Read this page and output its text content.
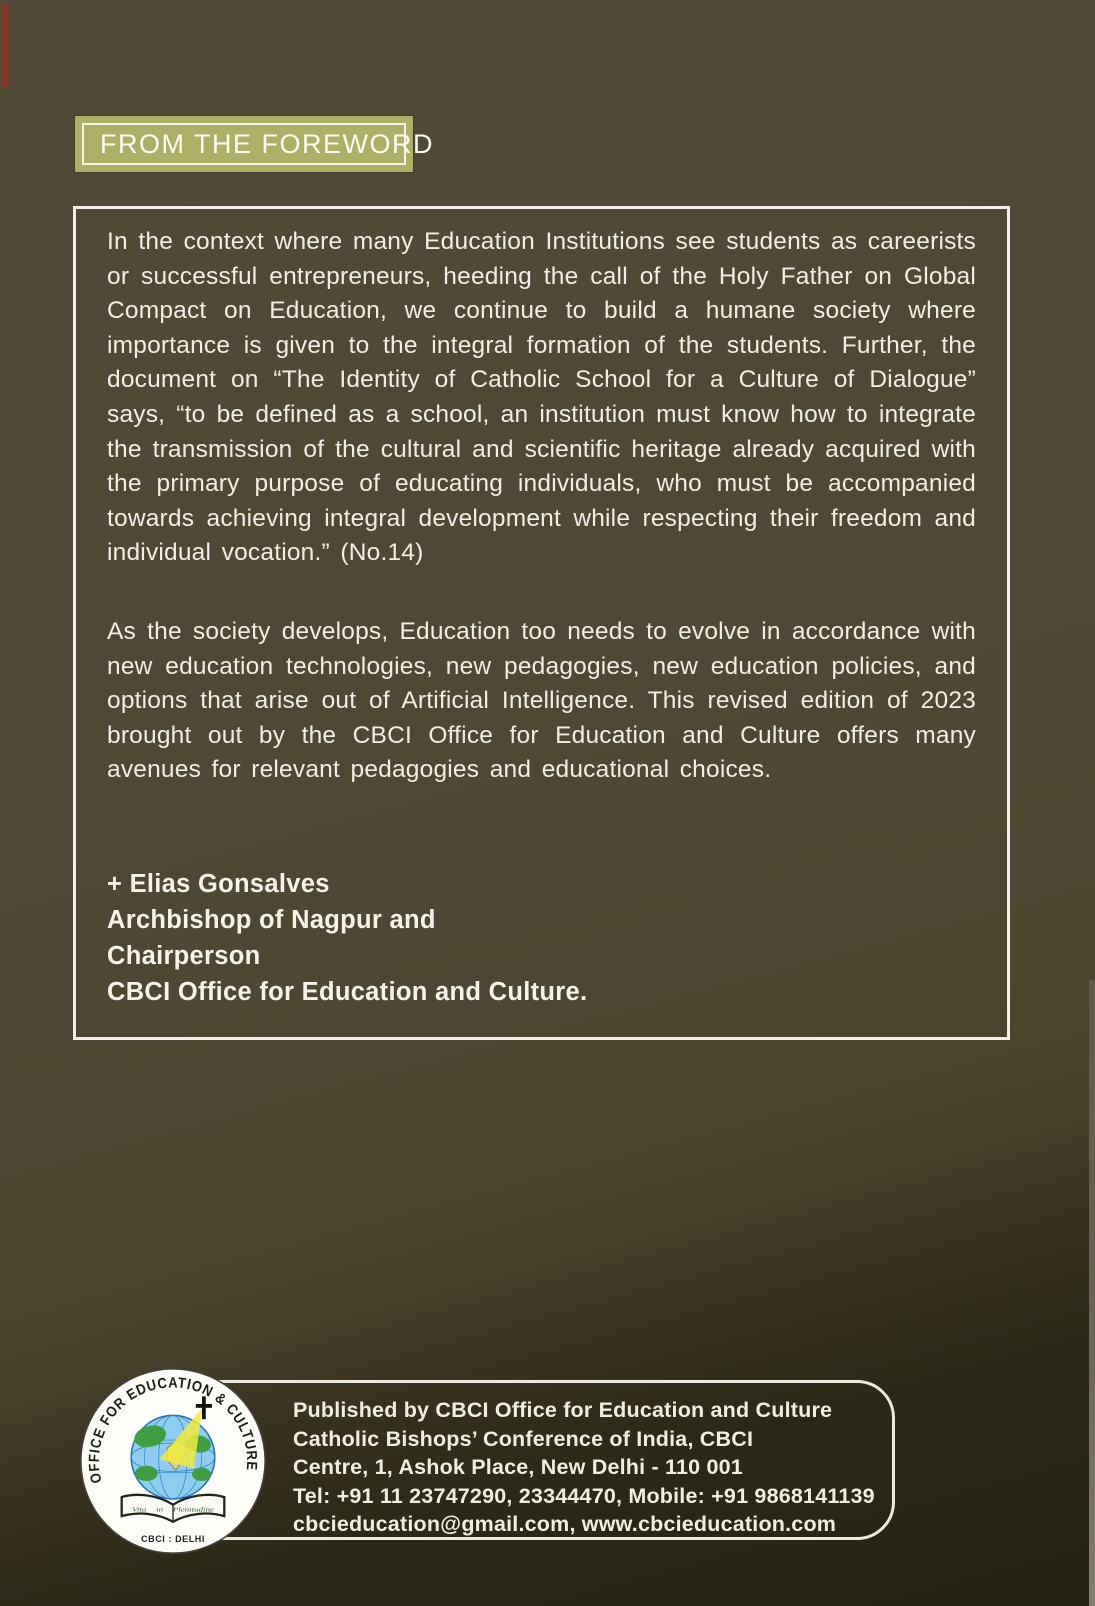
FROM THE FOREWORD

In the context where many Education Institutions see students as careerists or successful entrepreneurs, heeding the call of the Holy Father on Global Compact on Education, we continue to build a humane society where importance is given to the integral formation of the students. Further, the document on “The Identity of Catholic School for a Culture of Dialogue” says, “to be defined as a school, an institution must know how to integrate the transmission of the cultural and scientific heritage already acquired with the primary purpose of educating individuals, who must be accompanied towards achieving integral development while respecting their freedom and individual vocation.” (No.14)

As the society develops, Education too needs to evolve in accordance with new education technologies, new pedagogies, new education policies, and options that arise out of Artificial Intelligence. This revised edition of 2023 brought out by the CBCI Office for Education and Culture offers many avenues for relevant pedagogies and educational choices.

+ Elias Gonsalves
Archbishop of Nagpur and
Chairperson
CBCI Office for Education and Culture.
Published by CBCI Office for Education and Culture
Catholic Bishops’ Conference of India, CBCI
Centre, 1, Ashok Place, New Delhi - 110 001
Tel: +91 11 23747290, 23344470, Mobile: +91 9868141139
cbcieducation@gmail.com, www.cbcieducation.com
OFFICE FOR EDUCATION & CULTURE
Vita in Plenitudine
CBCI : DELHI
